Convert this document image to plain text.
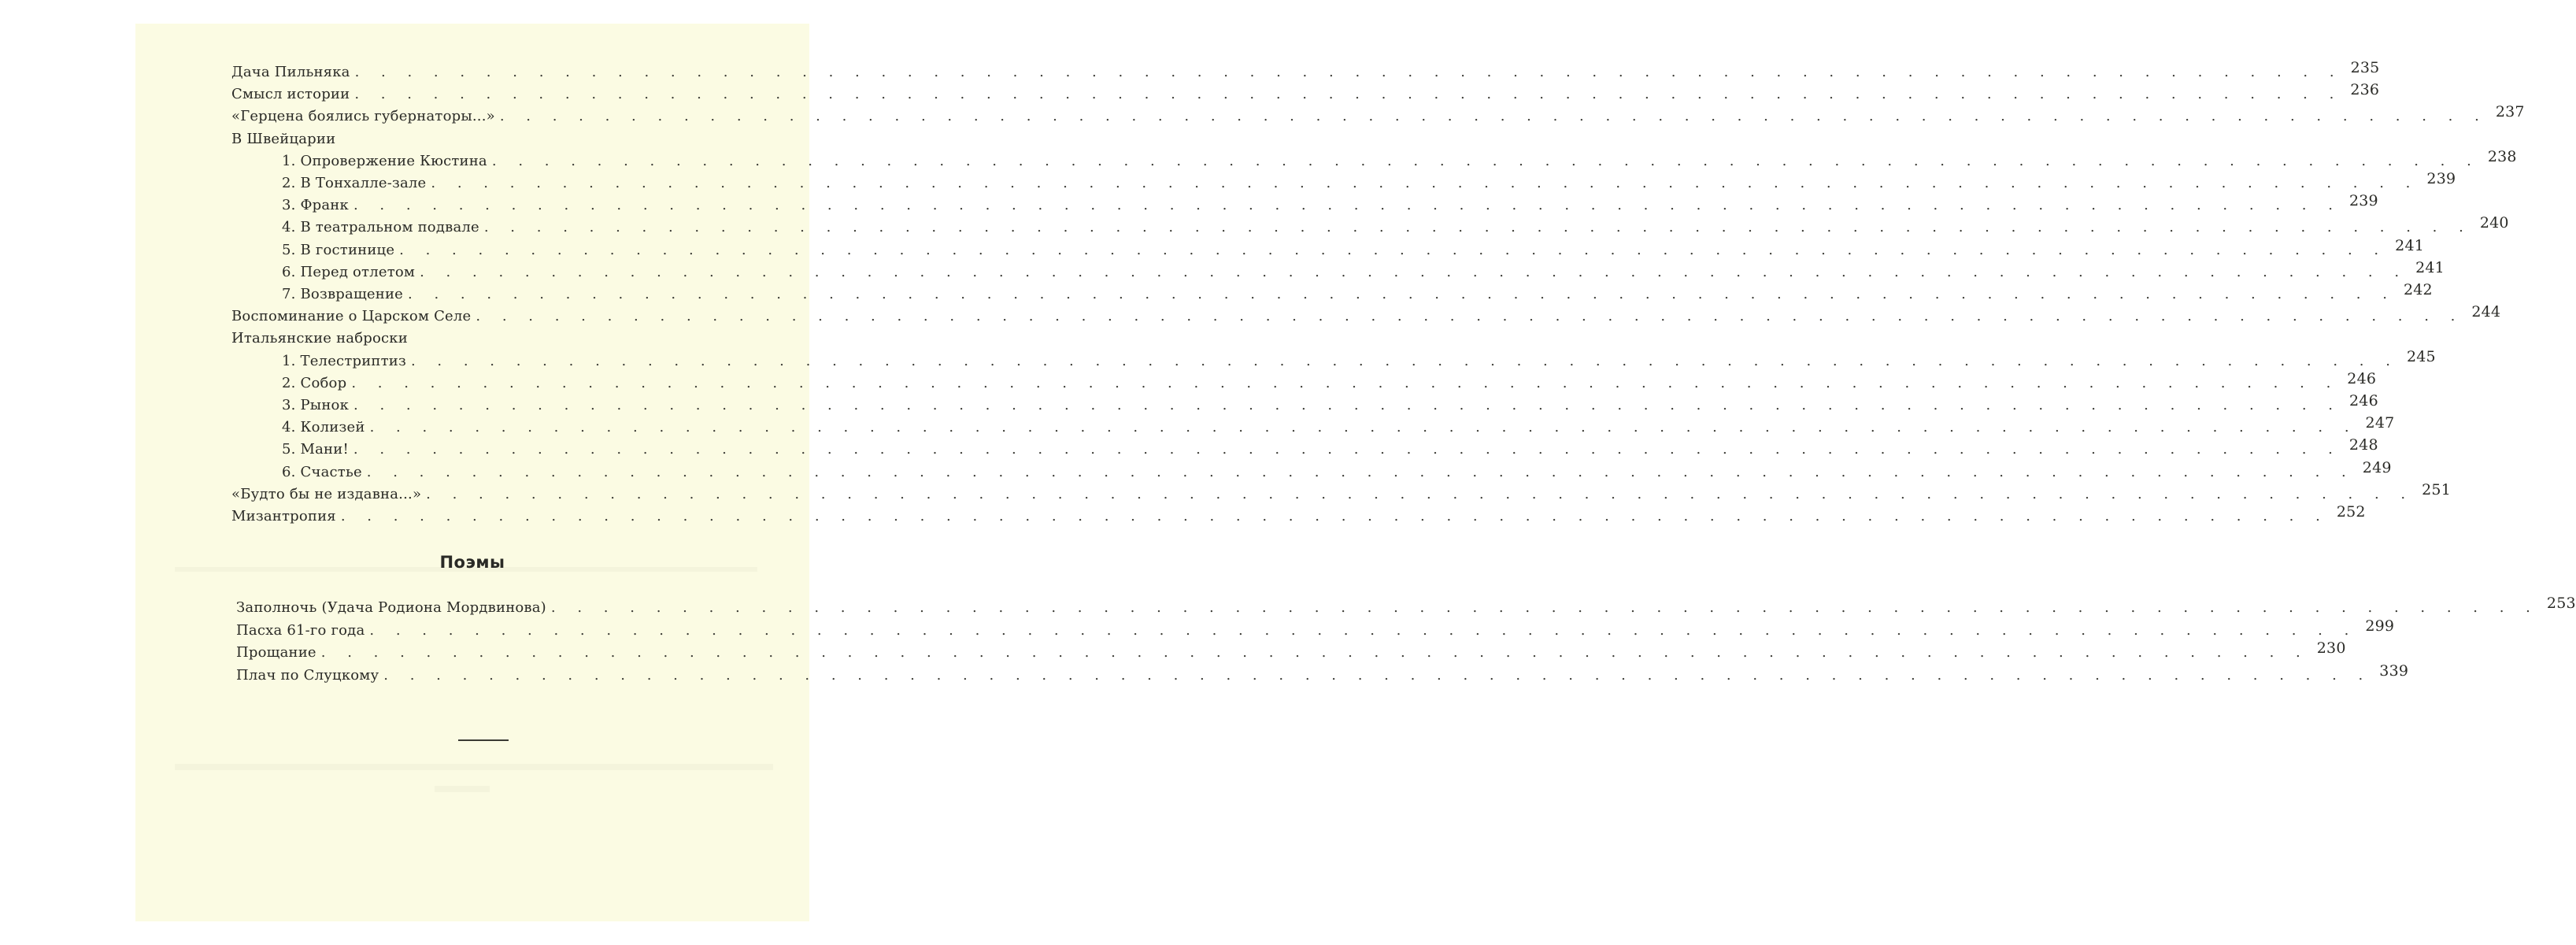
Дача Пильняка . . . . . . . . . . . . . . . . . . . . . . . . . . . . . . . . . . . . . . . . . . . . . . . . . . . . . . . . . . . . . . . . . . . . . . . . . . . . 235
Смысл истории . . . . . . . . . . . . . . . . . . . . . . . . . . . . . . . . . . . . . . . . . . . . . . . . . . . . . . . . . . . . . . . . . . . . . . . . . . . . 236
«Герцена боялись губернаторы...» . . . . . . . . . . . . . . . . . . . . . . . . . . . . . . . . . . . . . . . . . . . . . . . . . . . . . . . . . . . . . . . . . . . . . . . . . . . . 237
В Швейцарии
1. Опровержение Кюстина . . . . . . . . . . . . . . . . . . . . . . . . . . . . . . . . . . . . . . . . . . . . . . . . . . . . . . . . . . . . . . . . . . . . . . . . . . . . 238
2. В Тонхалле-зале . . . . . . . . . . . . . . . . . . . . . . . . . . . . . . . . . . . . . . . . . . . . . . . . . . . . . . . . . . . . . . . . . . . . . . . . . . . . 239
3. Франк . . . . . . . . . . . . . . . . . . . . . . . . . . . . . . . . . . . . . . . . . . . . . . . . . . . . . . . . . . . . . . . . . . . . . . . . . . . . 239
4. В театральном подвале . . . . . . . . . . . . . . . . . . . . . . . . . . . . . . . . . . . . . . . . . . . . . . . . . . . . . . . . . . . . . . . . . . . . . . . . . . . . 240
5. В гостинице . . . . . . . . . . . . . . . . . . . . . . . . . . . . . . . . . . . . . . . . . . . . . . . . . . . . . . . . . . . . . . . . . . . . . . . . . . . . 241
6. Перед отлетом . . . . . . . . . . . . . . . . . . . . . . . . . . . . . . . . . . . . . . . . . . . . . . . . . . . . . . . . . . . . . . . . . . . . . . . . . . . . 241
7. Возвращение . . . . . . . . . . . . . . . . . . . . . . . . . . . . . . . . . . . . . . . . . . . . . . . . . . . . . . . . . . . . . . . . . . . . . . . . . . . . 242
Воспоминание о Царском Селе . . . . . . . . . . . . . . . . . . . . . . . . . . . . . . . . . . . . . . . . . . . . . . . . . . . . . . . . . . . . . . . . . . . . . . . . . . . . 244
Итальянские наброски
1. Телестриптиз . . . . . . . . . . . . . . . . . . . . . . . . . . . . . . . . . . . . . . . . . . . . . . . . . . . . . . . . . . . . . . . . . . . . . . . . . . . . 245
2. Собор . . . . . . . . . . . . . . . . . . . . . . . . . . . . . . . . . . . . . . . . . . . . . . . . . . . . . . . . . . . . . . . . . . . . . . . . . . . . 246
3. Рынок . . . . . . . . . . . . . . . . . . . . . . . . . . . . . . . . . . . . . . . . . . . . . . . . . . . . . . . . . . . . . . . . . . . . . . . . . . . . 246
4. Колизей . . . . . . . . . . . . . . . . . . . . . . . . . . . . . . . . . . . . . . . . . . . . . . . . . . . . . . . . . . . . . . . . . . . . . . . . . . . . 247
5. Мани! . . . . . . . . . . . . . . . . . . . . . . . . . . . . . . . . . . . . . . . . . . . . . . . . . . . . . . . . . . . . . . . . . . . . . . . . . . . . 248
6. Счастье . . . . . . . . . . . . . . . . . . . . . . . . . . . . . . . . . . . . . . . . . . . . . . . . . . . . . . . . . . . . . . . . . . . . . . . . . . . . 249
«Будто бы не издавна...» . . . . . . . . . . . . . . . . . . . . . . . . . . . . . . . . . . . . . . . . . . . . . . . . . . . . . . . . . . . . . . . . . . . . . . . . . . . . 251
Мизантропия . . . . . . . . . . . . . . . . . . . . . . . . . . . . . . . . . . . . . . . . . . . . . . . . . . . . . . . . . . . . . . . . . . . . . . . . . . . . 252
Заполночь (Удача Родиона Мордвинова) . . . . . . . . . . . . . . . . . . . . . . . . . . . . . . . . . . . . . . . . . . . . . . . . . . . . . . . . . . . . . . . . . . . . . . . . . . . . 253
Пасха 61-го года . . . . . . . . . . . . . . . . . . . . . . . . . . . . . . . . . . . . . . . . . . . . . . . . . . . . . . . . . . . . . . . . . . . . . . . . . . . . 299
Прощание . . . . . . . . . . . . . . . . . . . . . . . . . . . . . . . . . . . . . . . . . . . . . . . . . . . . . . . . . . . . . . . . . . . . . . . . . . . . 230
Плач по Слуцкому . . . . . . . . . . . . . . . . . . . . . . . . . . . . . . . . . . . . . . . . . . . . . . . . . . . . . . . . . . . . . . . . . . . . . . . . . . . . 339
Поэмы
